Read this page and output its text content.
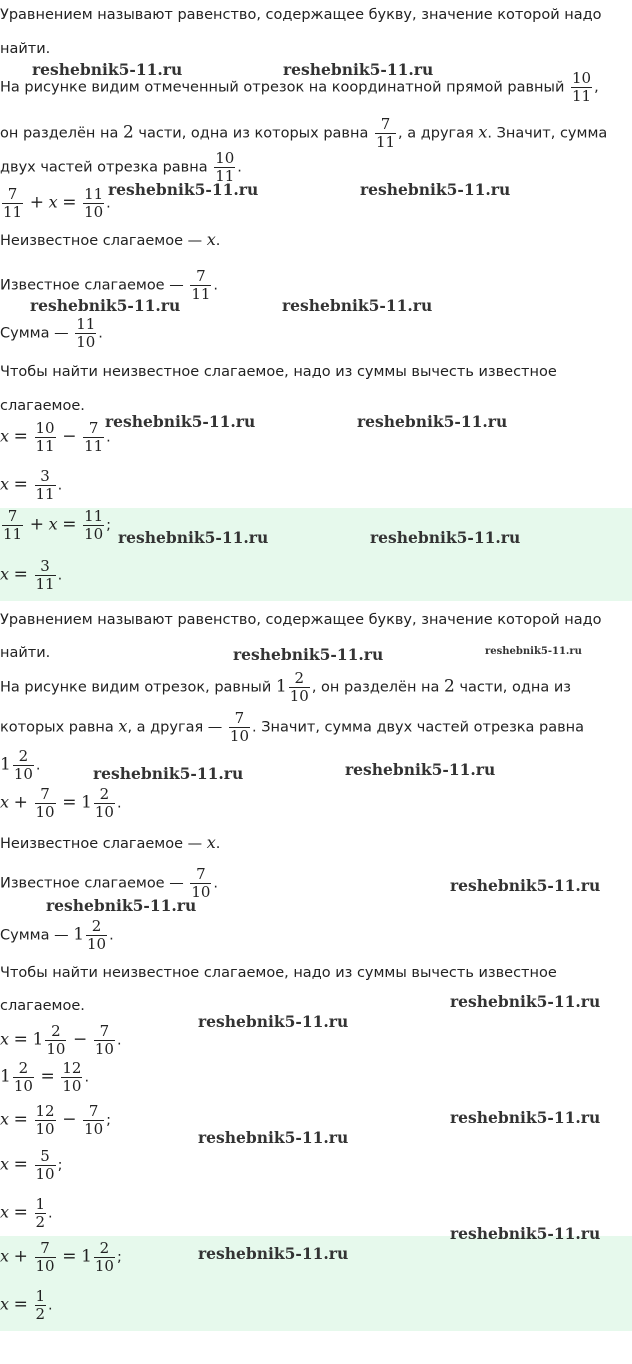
Уравнением называют равенство, содержащее букву, значение которой надо
найти.
На рисунке видим отмеченный отрезок на координатной прямой равный $\frac{10}{11}$ ,
он разделён на 2 части, одна из которых равна $\frac{7}{11}$ , а другая x. Значит, сумма
двух частей отрезка равна $\frac{10}{11}$ .
$\frac{7}{11} + x = \frac{11}{10}$ .
Неизвестное слагаемое — x.
Известное слагаемое — $\frac{7}{11}$ .
Сумма — $\frac{11}{10}$ .
Чтобы найти неизвестное слагаемое, надо из суммы вычесть известное
слагаемое.
$x = \frac{10}{11} - \frac{7}{11}$ .
$x = \frac{3}{11}$ .
$\frac{7}{11} + x = \frac{11}{10}$ ;
$x = \frac{3}{11}$ .
Уравнением называют равенство, содержащее букву, значение которой надо
найти.
На рисунке видим отрезок, равный $1 \frac{2}{10}$ , он разделён на 2 части, одна из
которых равна x, а другая — $\frac{7}{10}$ . Значит, сумма двух частей отрезка равна
$1 \frac{2}{10}$ .
$x + \frac{7}{10} = 1 \frac{2}{10}$ .
Неизвестное слагаемое — x.
Известное слагаемое — $\frac{7}{10}$ .
Сумма — $1 \frac{2}{10}$ .
Чтобы найти неизвестное слагаемое, надо из суммы вычесть известное
слагаемое.
$x = 1 \frac{2}{10} - \frac{7}{10}$ .
$1 \frac{2}{10} = \frac{12}{10}$ .
$x = \frac{12}{10} - \frac{7}{10}$ ;
$x = \frac{5}{10}$ ;
$x = \frac{1}{2}$ .
$x + \frac{7}{10} = 1 \frac{2}{10}$ ;
$x = \frac{1}{2}$ .
reshebnik5-11.ru	reshebnik5-11.ru
reshebnik5-11.ru	reshebnik5-11.ru
reshebnik5-11.ru	reshebnik5-11.ru
reshebnik5-11.ru	reshebnik5-11.ru
reshebnik5-11.ru	reshebnik5-11.ru
reshebnik5-11.ru	reshebnik5-11.ru
reshebnik5-11.ru	reshebnik5-11.ru
reshebnik5-11.ru
reshebnik5-11.ru
reshebnik5-11.ru
reshebnik5-11.ru
reshebnik5-11.ru
reshebnik5-11.ru
reshebnik5-11.ru
reshebnik5-11.ru
